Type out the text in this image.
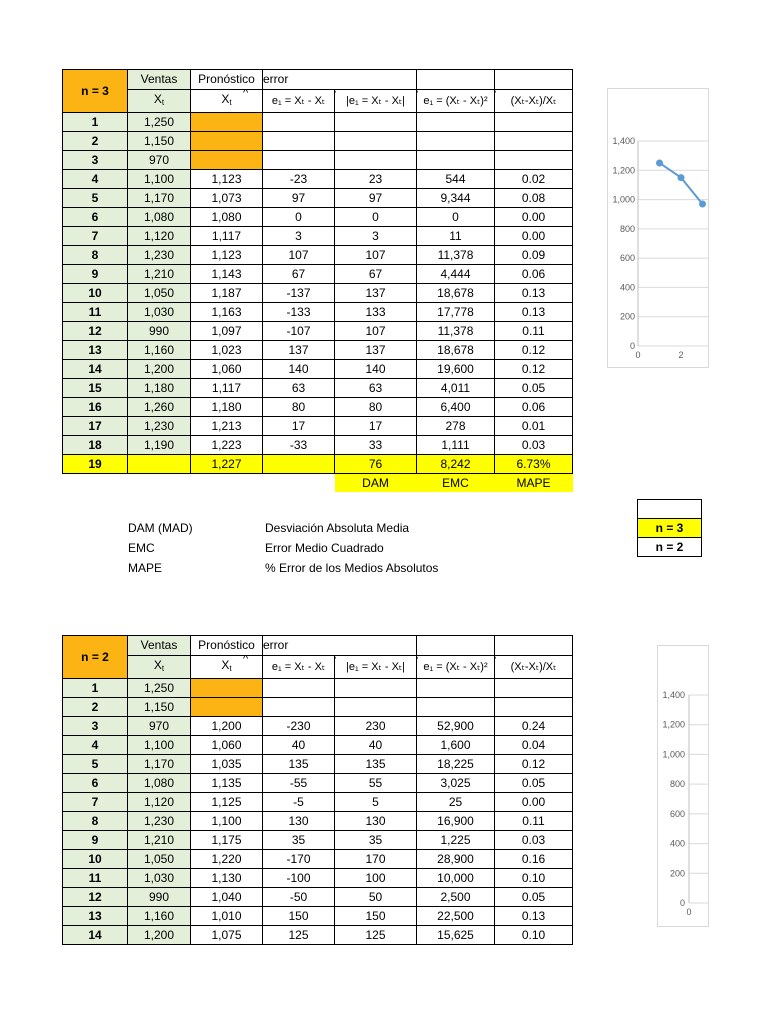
n = 3	Ventas	Pronóstico	error			
	$X_t$	$X_t$ ^	e₁ = Xₜ - Xₜ	|e₁ = Xₜ - Xₜ| ^	e₁ = (Xₜ - Xₜ)² ^	(Xₜ-Xₜ)/Xₜ ^
1	1,250					
2	1,150					
3	970					
4	1,100	1,123	-23	23	544	0.02
5	1,170	1,073	97	97	9,344	0.08
6	1,080	1,080	0	0	0	0.00
7	1,120	1,117	3	3	11	0.00
8	1,230	1,123	107	107	11,378	0.09
9	1,210	1,143	67	67	4,444	0.06
10	1,050	1,187	-137	137	18,678	0.13
11	1,030	1,163	-133	133	17,778	0.13
12	990	1,097	-107	107	11,378	0.11
13	1,160	1,023	137	137	18,678	0.12
14	1,200	1,060	140	140	19,600	0.12
15	1,180	1,117	63	63	4,011	0.05
16	1,260	1,180	80	80	6,400	0.06
17	1,230	1,213	17	17	278	0.01
18	1,190	1,223	-33	33	1,111	0.03
19		1,227		76	8,242	6.73%
				DAM	EMC	MAPE
1,400
1,200
1,000
800
600
400
200
0
0	2
DAM (MAD)	Desviación Absoluta Media
EMC	Error Medio Cuadrado
MAPE	% Error de los Medios Absolutos

n = 3
n = 2
n = 2	Ventas	Pronóstico	error			
	$X_t$	$X_t$ ^	e₁ = Xₜ - Xₜ	|e₁ = Xₜ - Xₜ| ^	e₁ = (Xₜ - Xₜ)² ^	(Xₜ-Xₜ)/Xₜ ^
1	1,250					
2	1,150					
3	970	1,200	-230	230	52,900	0.24
4	1,100	1,060	40	40	1,600	0.04
5	1,170	1,035	135	135	18,225	0.12
6	1,080	1,135	-55	55	3,025	0.05
7	1,120	1,125	-5	5	25	0.00
8	1,230	1,100	130	130	16,900	0.11
9	1,210	1,175	35	35	1,225	0.03
10	1,050	1,220	-170	170	28,900	0.16
11	1,030	1,130	-100	100	10,000	0.10
12	990	1,040	-50	50	2,500	0.05
13	1,160	1,010	150	150	22,500	0.13
14	1,200	1,075	125	125	15,625	0.10
1,400
1,200
1,000
800
600
400
200
0
0
